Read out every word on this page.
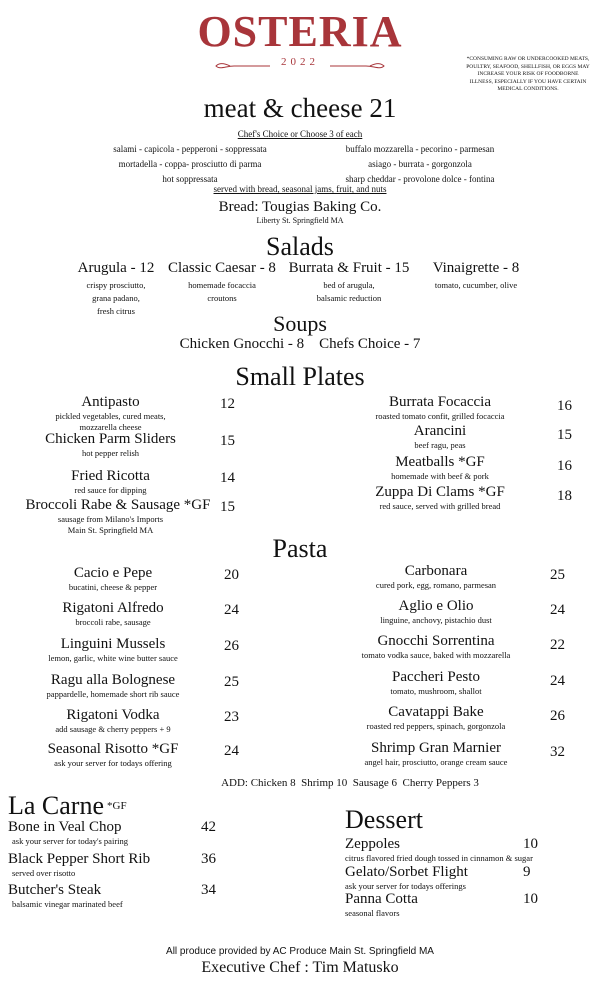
OSTERIA
2022	*CONSUMING RAW OR UNDERCOOKED MEATS, POULTRY, SEAFOOD, SHELLFISH, OR EGGS MAY INCREASE YOUR RISK OF FOODBORNE ILLNESS, ESPECIALLY IF YOU HAVE CERTAIN MEDICAL CONDITIONS.
meat & cheese 21
Chef's Choice or Choose 3 of each
salami - capicola - pepperoni - soppressata
mortadella - coppa- prosciutto di parma
hot soppressata
buffalo mozzarella - pecorino - parmesan
asiago - burrata - gorgonzola
sharp cheddar - provolone dolce - fontina
served with bread, seasonal jams, fruit, and nuts
Bread: Tougias Baking Co.
Liberty St. Springfield MA
Salads
Arugula - 12
crispy prosciutto,
grana padano,
fresh citrus
Classic Caesar - 8
homemade focaccia
croutons
Burrata & Fruit - 15
bed of arugula,
balsamic reduction
Vinaigrette - 8
tomato, cucumber, olive
Soups
Chicken Gnocchi - 8    Chefs Choice - 7
Small Plates
Antipasto	12
pickled vegetables, cured meats,
mozzarella cheese
Chicken Parm Sliders	15
hot pepper relish
Fried Ricotta	14
red sauce for dipping
Broccoli Rabe & Sausage *GF 15
sausage from Milano's Imports
Main St. Springfield MA
Burrata Focaccia	16
roasted tomato confit, grilled focaccia
Arancini	15
beef ragu, peas
Meatballs *GF	16
homemade with beef & pork
Zuppa Di Clams *GF	18
red sauce, served with grilled bread
Pasta
Cacio e Pepe	20
bucatini, cheese & pepper
Rigatoni Alfredo	24
broccoli rabe, sausage
Linguini Mussels	26
lemon, garlic, white wine butter sauce
Ragu alla Bolognese	25
pappardelle, homemade short rib sauce
Rigatoni Vodka	23
add sausage & cherry peppers + 9
Seasonal Risotto *GF	24
ask your server for todays offering
Carbonara	25
cured pork, egg, romano, parmesan
Aglio e Olio	24
linguine, anchovy, pistachio dust
Gnocchi Sorrentina	22
tomato vodka sauce, baked with mozzarella
Paccheri Pesto	24
tomato, mushroom, shallot
Cavatappi Bake	26
roasted red peppers, spinach, gorgonzola
Shrimp Gran Marnier	32
angel hair, prosciutto, orange cream sauce
ADD: Chicken 8  Shrimp 10  Sausage 6  Cherry Peppers 3
La Carne $^{*GF}$
Bone in Veal Chop	42
ask your server for today's pairing
Black Pepper Short Rib	36
served over risotto
Butcher's Steak	34
balsamic vinegar marinated beef
Dessert
Zeppoles	10
citrus flavored fried dough tossed in cinnamon & sugar
Gelato/Sorbet Flight	9
ask your server for todays offerings
Panna Cotta	10
seasonal flavors
All produce provided by AC Produce Main St. Springfield MA
Executive Chef : Tim Matusko
